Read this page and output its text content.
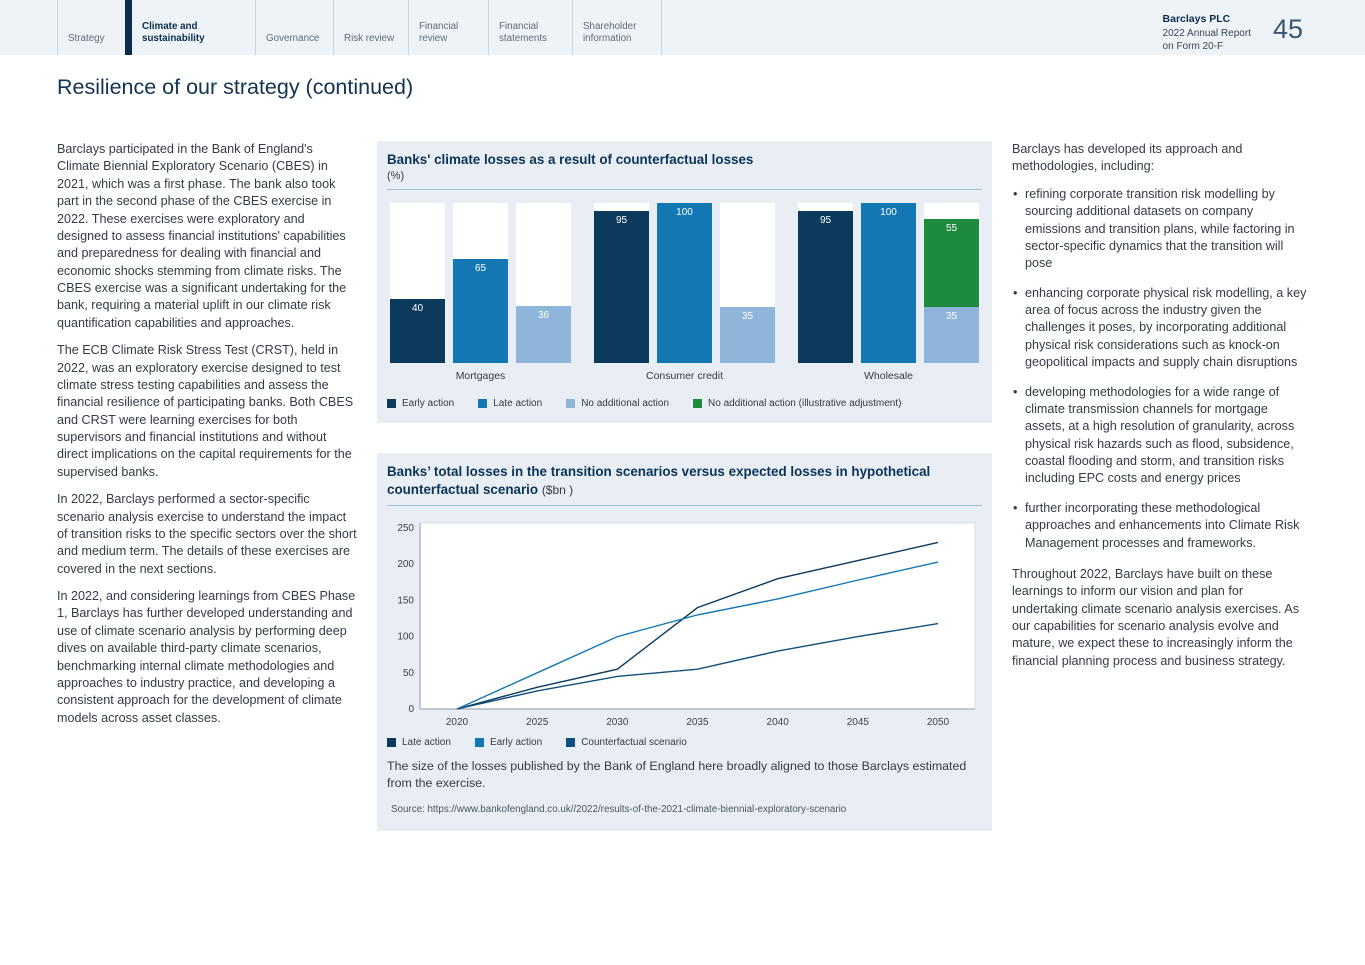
Strategy
Climate and sustainability	Governance	Risk review
Financial review
Financial statements
Shareholder information
Barclays PLC
2022 Annual Report
on Form 20-F
45
Resilience of our strategy (continued)

Barclays participated in the Bank of England's Climate Biennial Exploratory Scenario (CBES) in 2021, which was a first phase. The bank also took part in the second phase of the CBES exercise in 2022. These exercises were exploratory and designed to assess financial institutions' capabilities and preparedness for dealing with financial and economic shocks stemming from climate risks. The CBES exercise was a significant undertaking for the bank, requiring a material uplift in our climate risk quantification capabilities and approaches.

The ECB Climate Risk Stress Test (CRST), held in 2022, was an exploratory exercise designed to test climate stress testing capabilities and assess the financial resilience of participating banks. Both CBES and CRST were learning exercises for both supervisors and financial institutions and without direct implications on the capital requirements for the supervised banks.

In 2022, Barclays performed a sector-specific scenario analysis exercise to understand the impact of transition risks to the specific sectors over the short and medium term. The details of these exercises are covered in the next sections.

In 2022, and considering learnings from CBES Phase 1, Barclays has further developed understanding and use of climate scenario analysis by performing deep dives on available third-party climate scenarios, benchmarking internal climate methodologies and approaches to industry practice, and developing a consistent approach for the development of climate models across asset classes.

Banks' climate losses as a result of counterfactual losses
(%)
40
65
36
95
100
35
95
100
55
35
Mortgages	Consumer credit	Wholesale
Early action	Late action	No additional action	No additional action (illustrative adjustment)
Banks’ total losses in the transition scenarios versus expected losses in hypothetical counterfactual scenario ($bn )
0
50
100
150
200
250
2020	2025	2030	2035	2040	2045	2050
Late action	Early action	Counterfactual scenario

The size of the losses published by the Bank of England here broadly aligned to those Barclays estimated from the exercise.

Source: https://www.bankofengland.co.uk//2022/results-of-the-2021-climate-biennial-exploratory-scenario

Barclays has developed its approach and methodologies, including:

• refining corporate transition risk modelling by sourcing additional datasets on company emissions and transition plans, while factoring in sector-specific dynamics that the transition will pose
• enhancing corporate physical risk modelling, a key area of focus across the industry given the challenges it poses, by incorporating additional physical risk considerations such as knock-on geopolitical impacts and supply chain disruptions
• developing methodologies for a wide range of climate transmission channels for mortgage assets, at a high resolution of granularity, across physical risk hazards such as flood, subsidence, coastal flooding and storm, and transition risks including EPC costs and energy prices
• further incorporating these methodological approaches and enhancements into Climate Risk Management processes and frameworks.

Throughout 2022, Barclays have built on these learnings to inform our vision and plan for undertaking climate scenario analysis exercises. As our capabilities for scenario analysis evolve and mature, we expect these to increasingly inform the financial planning process and business strategy.
